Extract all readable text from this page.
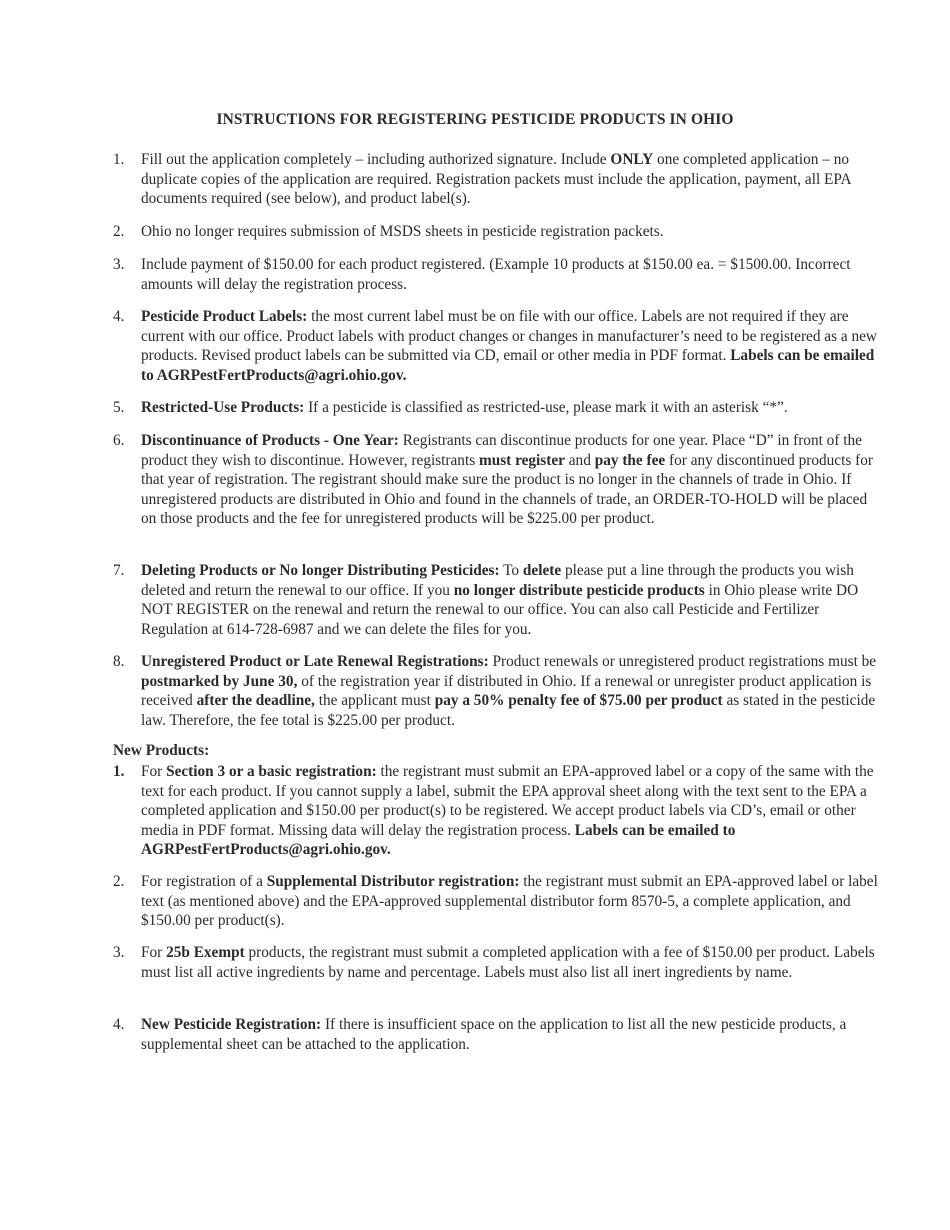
INSTRUCTIONS FOR REGISTERING PESTICIDE PRODUCTS IN OHIO
1.	Fill out the application completely – including authorized signature. Include ONLY one completed application – no duplicate copies of the application are required. Registration packets must include the application, payment, all EPA documents required (see below), and product label(s).
2.	Ohio no longer requires submission of MSDS sheets in pesticide registration packets.
3.	Include payment of $150.00 for each product registered. (Example 10 products at $150.00 ea. = $1500.00. Incorrect amounts will delay the registration process.
4.	Pesticide Product Labels: the most current label must be on file with our office. Labels are not required if they are current with our office. Product labels with product changes or changes in manufacturer’s need to be registered as a new products. Revised product labels can be submitted via CD, email or other media in PDF format. Labels can be emailed to AGRPestFertProducts@agri.ohio.gov.
5.	Restricted-Use Products: If a pesticide is classified as restricted-use, please mark it with an asterisk “*”.
6.	Discontinuance of Products - One Year: Registrants can discontinue products for one year. Place “D” in front of the product they wish to discontinue. However, registrants must register and pay the fee for any discontinued products for that year of registration. The registrant should make sure the product is no longer in the channels of trade in Ohio. If unregistered products are distributed in Ohio and found in the channels of trade, an ORDER-TO-HOLD will be placed on those products and the fee for unregistered products will be $225.00 per product.
7.	Deleting Products or No longer Distributing Pesticides: To delete please put a line through the products you wish deleted and return the renewal to our office. If you no longer distribute pesticide products in Ohio please write DO NOT REGISTER on the renewal and return the renewal to our office. You can also call Pesticide and Fertilizer Regulation at 614-728-6987 and we can delete the files for you.
8.	Unregistered Product or Late Renewal Registrations: Product renewals or unregistered product registrations must be postmarked by June 30, of the registration year if distributed in Ohio. If a renewal or unregister product application is received after the deadline, the applicant must pay a 50% penalty fee of $75.00 per product as stated in the pesticide law. Therefore, the fee total is $225.00 per product.
New Products:
1.	For Section 3 or a basic registration: the registrant must submit an EPA-approved label or a copy of the same with the text for each product. If you cannot supply a label, submit the EPA approval sheet along with the text sent to the EPA a completed application and $150.00 per product(s) to be registered. We accept product labels via CD’s, email or other media in PDF format. Missing data will delay the registration process. Labels can be emailed to AGRPestFertProducts@agri.ohio.gov.
2.	For registration of a Supplemental Distributor registration: the registrant must submit an EPA-approved label or label text (as mentioned above) and the EPA-approved supplemental distributor form 8570-5, a complete application, and $150.00 per product(s).
3.	For 25b Exempt products, the registrant must submit a completed application with a fee of $150.00 per product. Labels must list all active ingredients by name and percentage. Labels must also list all inert ingredients by name.
4.	New Pesticide Registration: If there is insufficient space on the application to list all the new pesticide products, a supplemental sheet can be attached to the application.
